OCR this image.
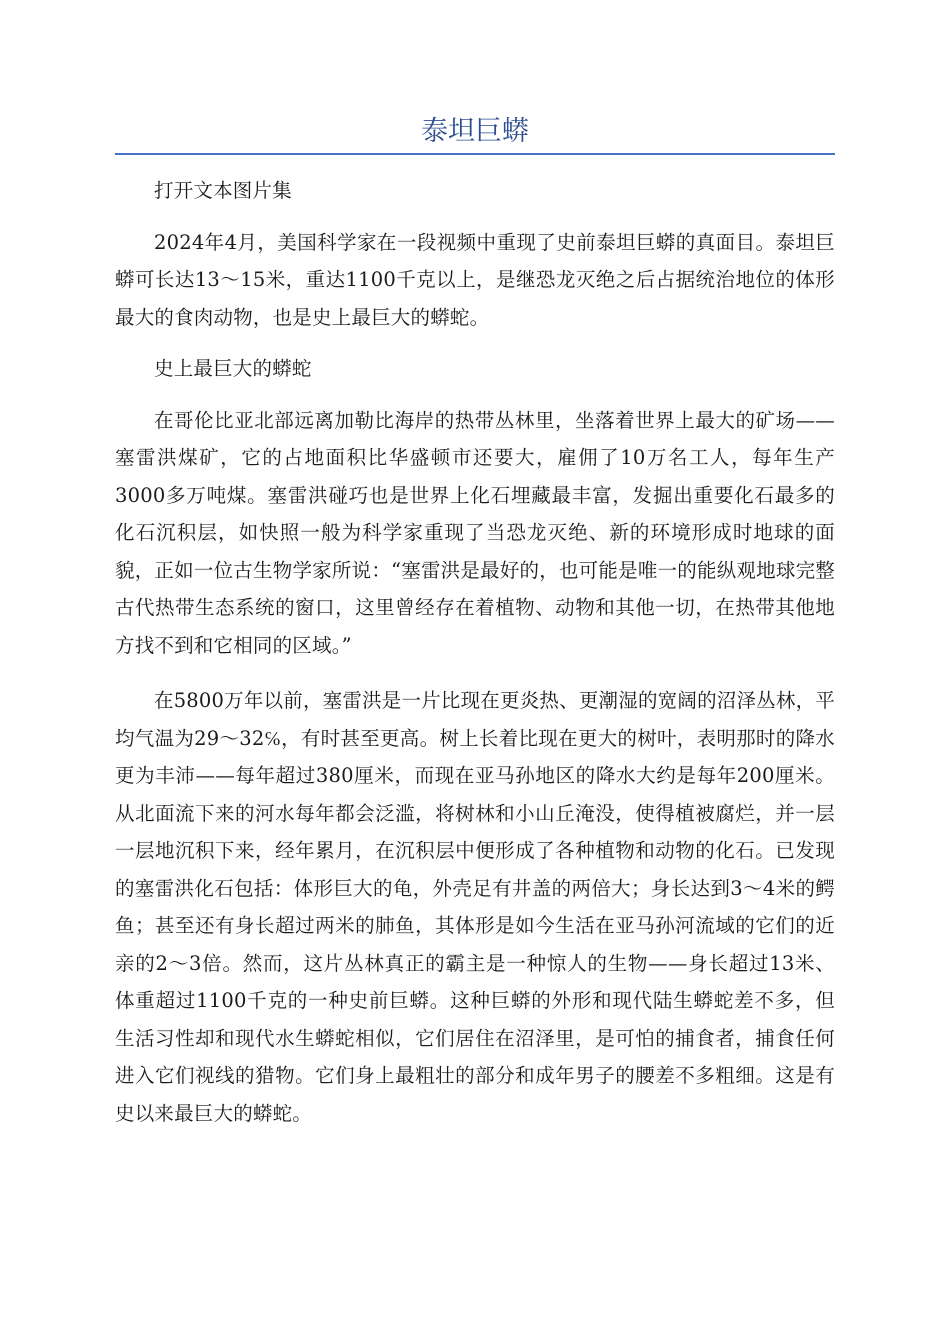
泰坦巨蟒

打开文本图片集

2024年4月，美国科学家在一段视频中重现了史前泰坦巨蟒的真面目。泰坦巨蟒可长达13～15米，重达1100千克以上，是继恐龙灭绝之后占据统治地位的体形最大的食肉动物，也是史上最巨大的蟒蛇。

史上最巨大的蟒蛇

在哥伦比亚北部远离加勒比海岸的热带丛林里，坐落着世界上最大的矿场——塞雷洪煤矿，它的占地面积比华盛顿市还要大，雇佣了10万名工人，每年生产3000多万吨煤。塞雷洪碰巧也是世界上化石埋藏最丰富，发掘出重要化石最多的化石沉积层，如快照一般为科学家重现了当恐龙灭绝、新的环境形成时地球的面貌，正如一位古生物学家所说：“塞雷洪是最好的，也可能是唯一的能纵观地球完整古代热带生态系统的窗口，这里曾经存在着植物、动物和其他一切，在热带其他地方找不到和它相同的区域。”

在5800万年以前，塞雷洪是一片比现在更炎热、更潮湿的宽阔的沼泽丛林，平均气温为29～32℅，有时甚至更高。树上长着比现在更大的树叶，表明那时的降水更为丰沛——每年超过380厘米，而现在亚马孙地区的降水大约是每年200厘米。从北面流下来的河水每年都会泛滥，将树林和小山丘淹没，使得植被腐烂，并一层一层地沉积下来，经年累月，在沉积层中便形成了各种植物和动物的化石。已发现的塞雷洪化石包括：体形巨大的龟，外壳足有井盖的两倍大；身长达到3～4米的鳄鱼；甚至还有身长超过两米的肺鱼，其体形是如今生活在亚马孙河流域的它们的近亲的2～3倍。然而，这片丛林真正的霸主是一种惊人的生物——身长超过13米、体重超过1100千克的一种史前巨蟒。这种巨蟒的外形和现代陆生蟒蛇差不多，但生活习性却和现代水生蟒蛇相似，它们居住在沼泽里，是可怕的捕食者，捕食任何进入它们视线的猎物。它们身上最粗壮的部分和成年男子的腰差不多粗细。这是有史以来最巨大的蟒蛇。
